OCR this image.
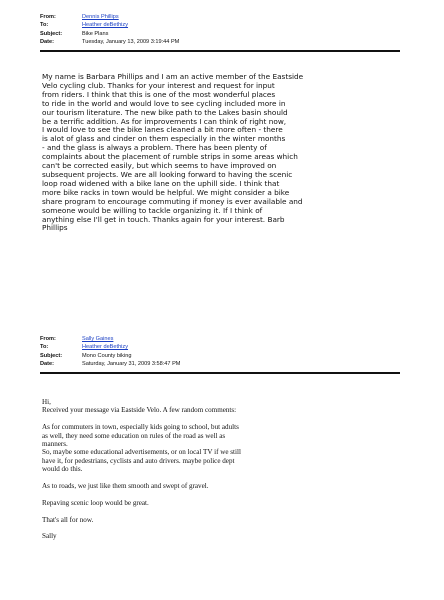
From:	Dennis Phillips
To:	Heather deBethizy
Subject:	Bike Plans
Date:	Tuesday, January 13, 2009 3:19:44 PM
My name is Barbara Phillips and I am an active member of the Eastside
Velo cycling club. Thanks for your interest and request for input
from riders. I think that this is one of the most wonderful places
to ride in the world and would love to see cycling included more in
our tourism literature. The new bike path to the Lakes basin should
be a terrific addition. As for improvements I can think of right now,
I would love to see the bike lanes cleaned a bit more often - there
is alot of glass and cinder on them especially in the winter months
- and the glass is always a problem. There has been plenty of
complaints about the placement of rumble strips in some areas which
can't be corrected easily, but which seems to have improved on
subsequent projects. We are all looking forward to having the scenic
loop road widened with a bike lane on the uphill side. I think that
more bike racks in town would be helpful. We might consider a bike
share program to encourage commuting if money is ever available and
someone would be willing to tackle organizing it. If I think of
anything else I'll get in touch. Thanks again for your interest. Barb
Phillips
From:	Sally Gaines
To:	Heather deBethizy
Subject:	Mono County biking
Date:	Saturday, January 31, 2009 3:58:47 PM
Hi,
Received your message via Eastside Velo. A few random comments:
As for commuters in town, especially kids going to school, but adults
as well, they need some education on rules of the road as well as
manners.
So, maybe some educational advertisements, or on local TV if we still
have it, for pedestrians, cyclists and auto drivers. maybe police dept
would do this.
As to roads, we just like them smooth and swept of gravel.
Repaving scenic loop would be great.
That's all for now.
Sally
